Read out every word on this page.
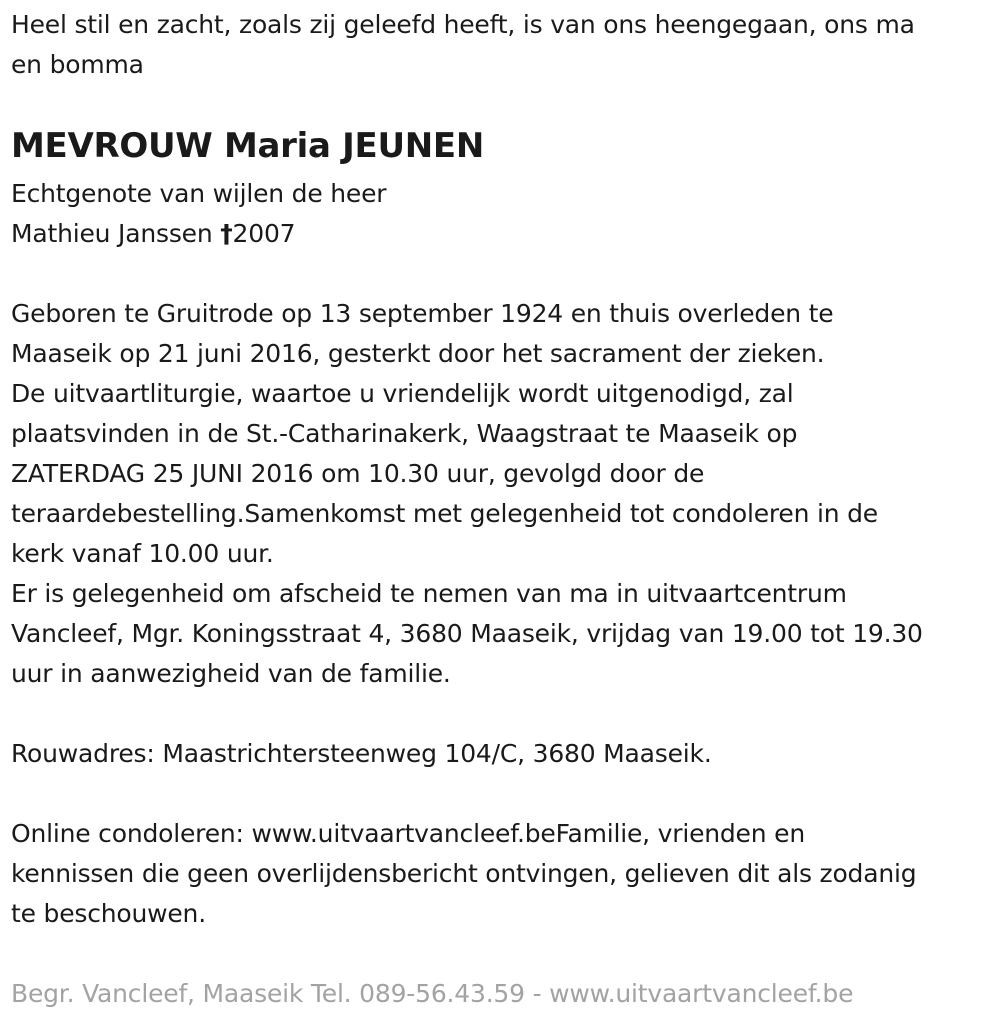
Heel stil en zacht, zoals zij geleefd heeft, is van ons heengegaan, ons ma
en bomma
MEVROUW Maria JEUNEN
Echtgenote van wijlen de heer
Mathieu Janssen †2007
Geboren te Gruitrode op 13 september 1924 en thuis overleden te
Maaseik op 21 juni 2016, gesterkt door het sacrament der zieken.
De uitvaartliturgie, waartoe u vriendelijk wordt uitgenodigd, zal
plaatsvinden in de St.-Catharinakerk, Waagstraat te Maaseik op
ZATERDAG 25 JUNI 2016 om 10.30 uur, gevolgd door de
teraardebestelling.Samenkomst met gelegenheid tot condoleren in de
kerk vanaf 10.00 uur.
Er is gelegenheid om afscheid te nemen van ma in uitvaartcentrum
Vancleef, Mgr. Koningsstraat 4, 3680 Maaseik, vrijdag van 19.00 tot 19.30
uur in aanwezigheid van de familie.
Rouwadres: Maastrichtersteenweg 104/C, 3680 Maaseik.
Online condoleren: www.uitvaartvancleef.beFamilie, vrienden en
kennissen die geen overlijdensbericht ontvingen, gelieven dit als zodanig
te beschouwen.
Begr. Vancleef, Maaseik Tel. 089-56.43.59 - www.uitvaartvancleef.be
